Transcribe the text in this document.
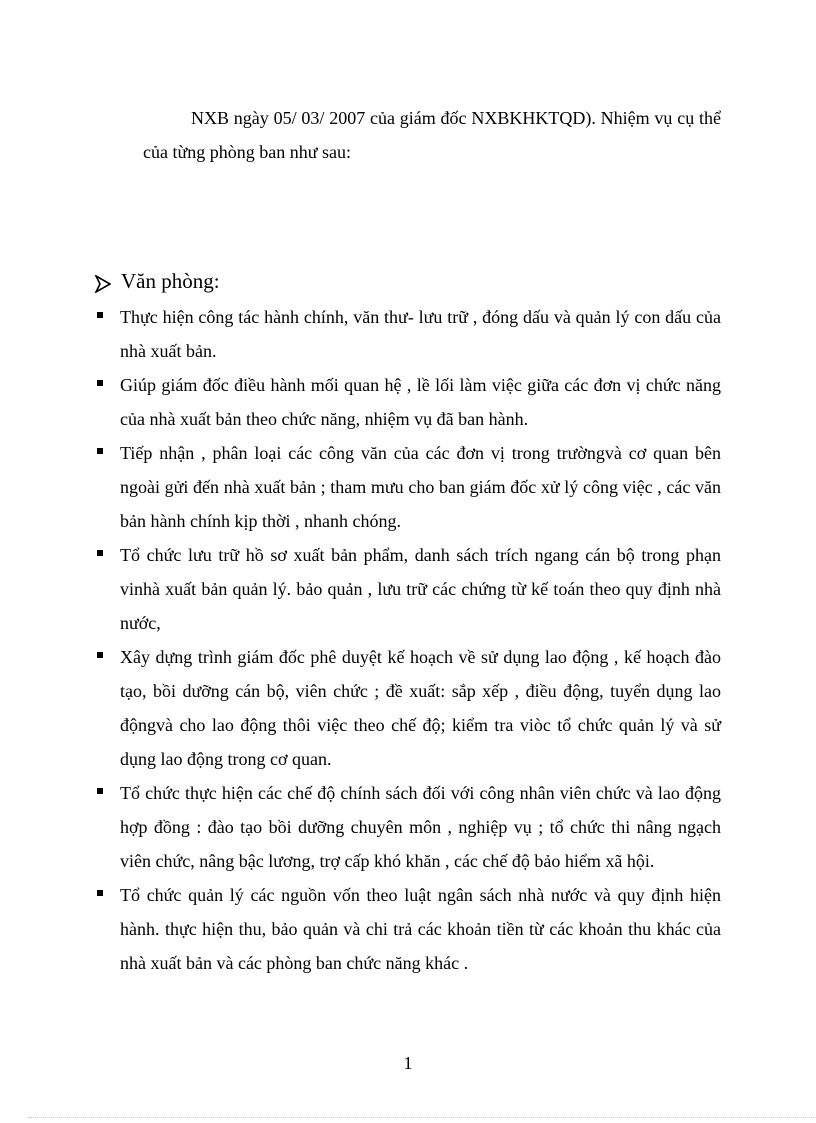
NXB ngày 05/ 03/ 2007 của giám đốc NXBKHKTQD). Nhiệm vụ cụ thể của từng phòng ban như sau:

Văn phòng:
Thực hiện công tác hành chính, văn thư- lưu trữ , đóng dấu và quản lý con dấu của nhà xuất bản.
Giúp giám đốc điều hành mối quan hệ , lề lối làm việc giữa các đơn vị chức năng của nhà xuất bản theo chức năng, nhiệm vụ đã ban hành.
Tiếp nhận , phân loại các công văn của các đơn vị trong trườngvà cơ quan bên ngoài gửi đến nhà xuất bản ; tham mưu cho ban giám đốc xử lý công việc , các văn bản hành chính kịp thời , nhanh chóng.
Tổ chức lưu trữ hồ sơ xuất bản phẩm, danh sách trích ngang cán bộ trong phạn vinhà xuất bản quản lý. bảo quản , lưu trữ các chứng từ kế toán theo quy định nhà nước,
Xây dựng trình giám đốc phê duyệt kế hoạch về sử dụng lao động , kế hoạch đào tạo, bồi dưỡng cán bộ, viên chức ; đề xuất: sắp xếp , điều động, tuyển dụng lao độngvà cho lao động thôi việc theo chế độ; kiểm tra viòc tổ chức quản lý và sử dụng lao động trong cơ quan.
Tổ chức thực hiện các chế độ chính sách đối với công nhân viên chức và lao động hợp đồng : đào tạo bồi dưỡng chuyên môn , nghiệp vụ ; tổ chức thi nâng ngạch viên chức, nâng bậc lương, trợ cấp khó khăn , các chế độ bảo hiểm xã hội.
Tổ chức quản lý các nguồn vốn theo luật ngân sách nhà nước và quy định hiện hành. thực hiện thu, bảo quản và chi trả các khoản tiền từ các khoản thu khác của nhà xuất bản và các phòng ban chức năng khác .
1
